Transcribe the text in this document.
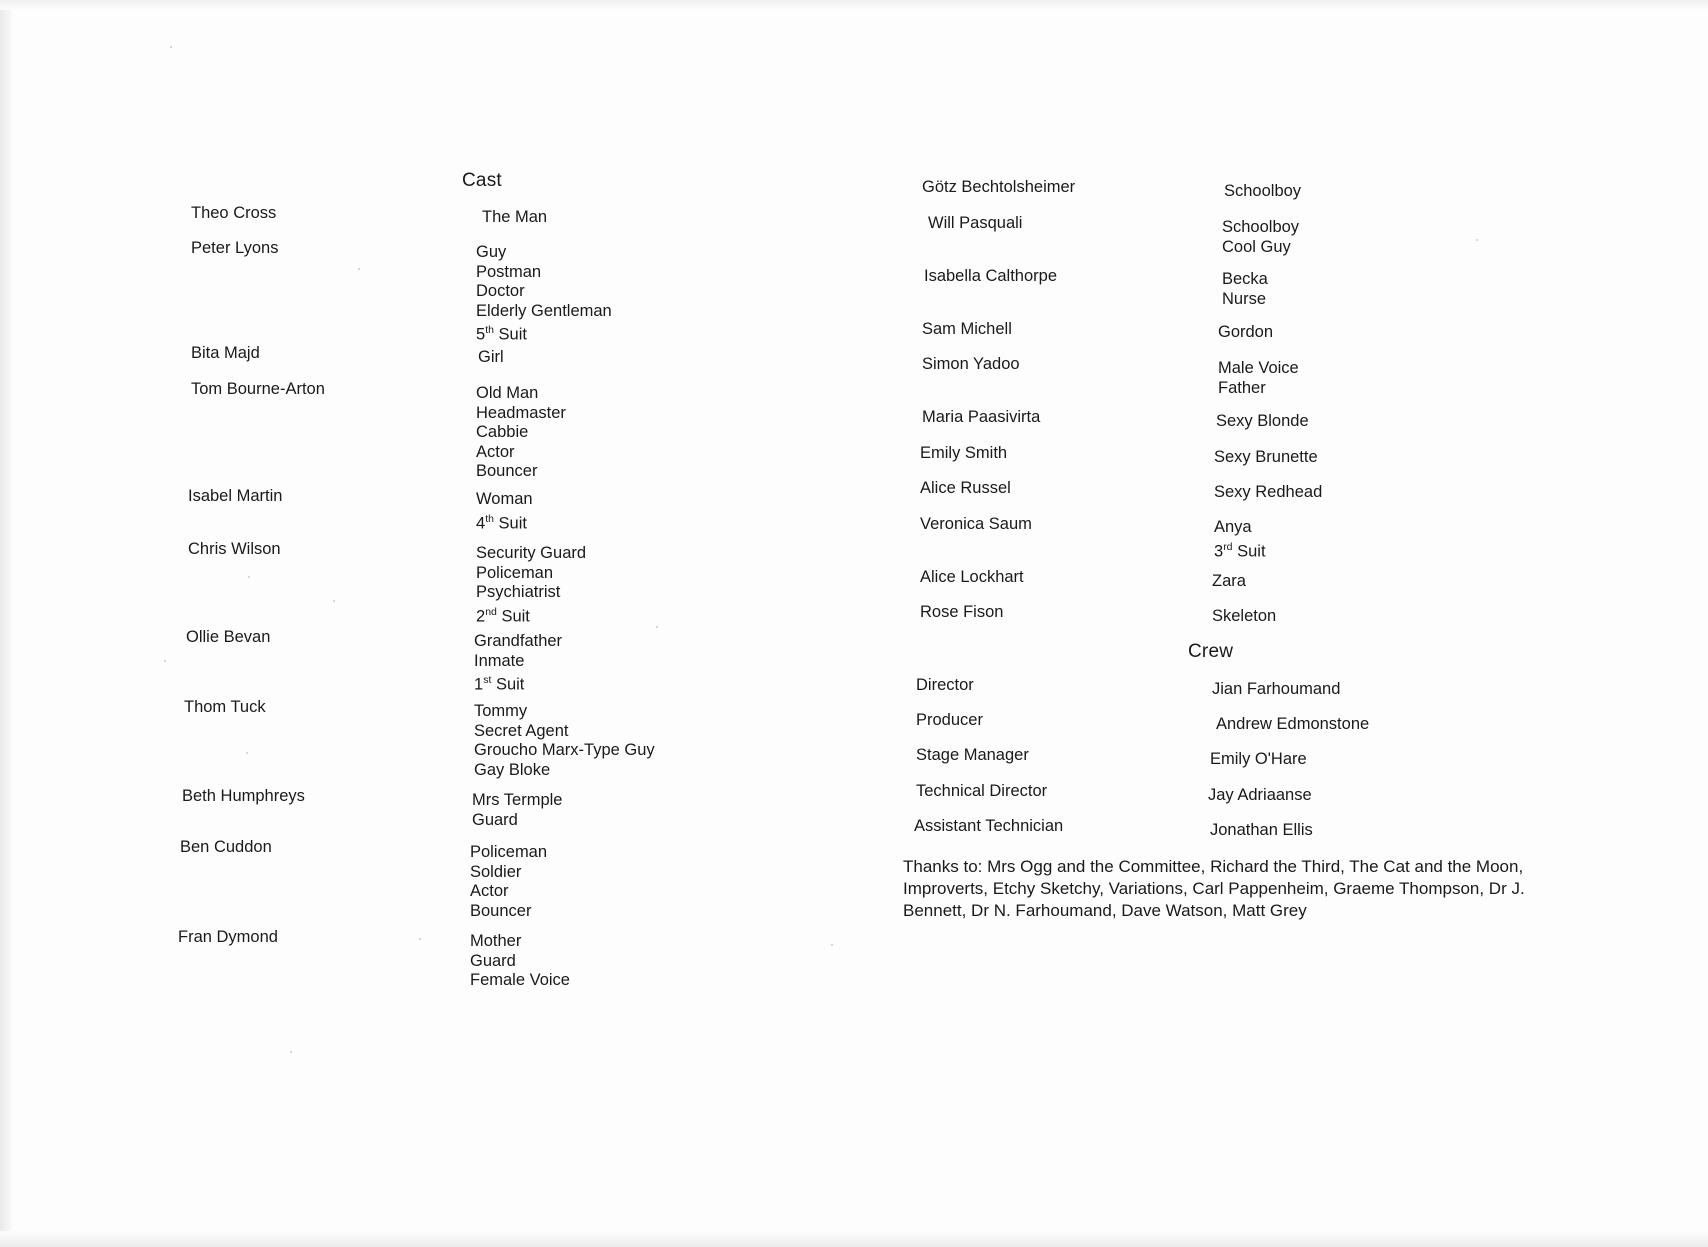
Cast
Theo Cross	The Man
Peter Lyons	Guy
Postman
Doctor
Elderly Gentleman
5th Suit
Bita Majd	Girl
Tom Bourne-Arton	Old Man
Headmaster
Cabbie
Actor
Bouncer
Isabel Martin	Woman
4th Suit
Chris Wilson	Security Guard
Policeman
Psychiatrist
2nd Suit
Ollie Bevan	Grandfather
Inmate
1st Suit
Thom Tuck	Tommy
Secret Agent
Groucho Marx-Type Guy
Gay Bloke
Beth Humphreys	Mrs Termple
Guard
Ben Cuddon	Policeman
Soldier
Actor
Bouncer
Fran Dymond	Mother
Guard
Female Voice
Götz Bechtolsheimer	Schoolboy
Will Pasquali	Schoolboy
Cool Guy
Isabella Calthorpe	Becka
Nurse
Sam Michell	Gordon
Simon Yadoo	Male Voice
Father
Maria Paasivirta	Sexy Blonde
Emily Smith	Sexy Brunette
Alice Russel	Sexy Redhead
Veronica Saum	Anya
3rd Suit
Alice Lockhart	Zara
Rose Fison	Skeleton
Crew
Director	Jian Farhoumand
Producer	Andrew Edmonstone
Stage Manager	Emily O'Hare
Technical Director	Jay Adriaanse
Assistant Technician	Jonathan Ellis
Thanks to: Mrs Ogg and the Committee, Richard the Third, The Cat and the Moon, Improverts, Etchy Sketchy, Variations, Carl Pappenheim, Graeme Thompson, Dr J. Bennett, Dr N. Farhoumand, Dave Watson, Matt Grey
